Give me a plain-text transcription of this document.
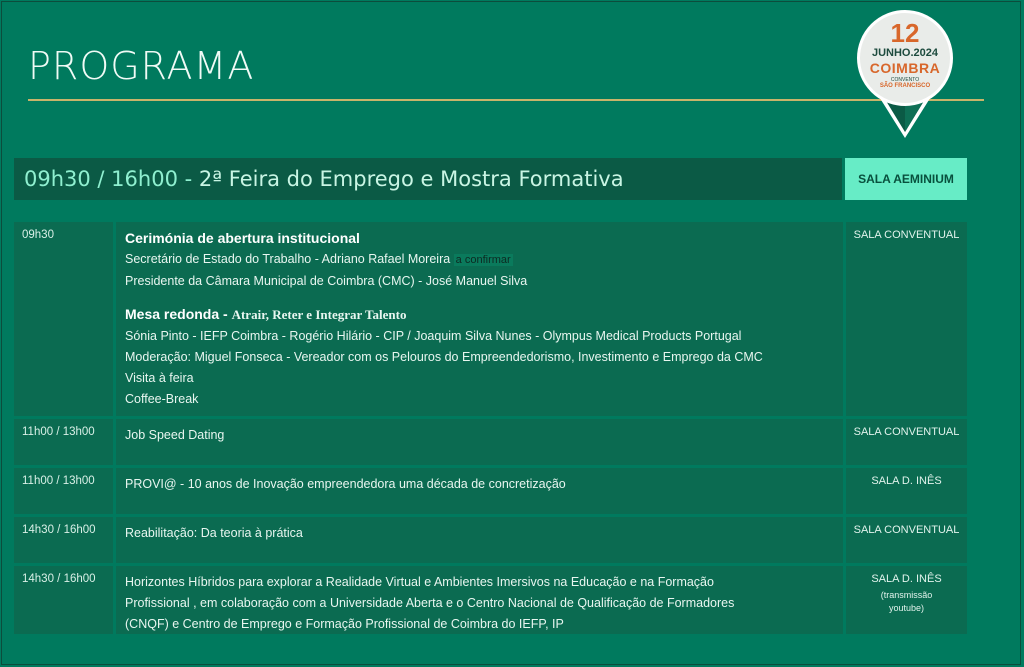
PROGRAMA
12
JUNHO.2024
COIMBRA
CONVENTO
SÃO FRANCISCO
09h30 / 16h00 - 2ª Feira do Emprego e Mostra Formativa	SALA AEMINIUM
09h30	Cerimónia de abertura institucional
Secretário de Estado do Trabalho - Adriano Rafael Moreira a confirmar
Presidente da Câmara Municipal de Coimbra (CMC) - José Manuel Silva
Mesa redonda - Atrair, Reter e Integrar Talento
Sónia Pinto - IEFP Coimbra - Rogério Hilário - CIP / Joaquim Silva Nunes - Olympus Medical Products Portugal
Moderação: Miguel Fonseca - Vereador com os Pelouros do Empreendedorismo, Investimento e Emprego da CMC
Visita à feira
Coffee-Break
SALA CONVENTUAL
11h00 / 13h00	Job Speed Dating	SALA CONVENTUAL
11h00 / 13h00	PROVI@ - 10 anos de Inovação empreendedora uma década de concretização	SALA D. INÊS
14h30 / 16h00	Reabilitação: Da teoria à prática	SALA CONVENTUAL
14h30 / 16h00	Horizontes Híbridos para explorar a Realidade Virtual e Ambientes Imersivos na Educação e na Formação
Profissional , em colaboração com a Universidade Aberta e o Centro Nacional de Qualificação de Formadores
(CNQF) e Centro de Emprego e Formação Profissional de Coimbra do IEFP, IP
SALA D. INÊS
(transmissão
youtube)
